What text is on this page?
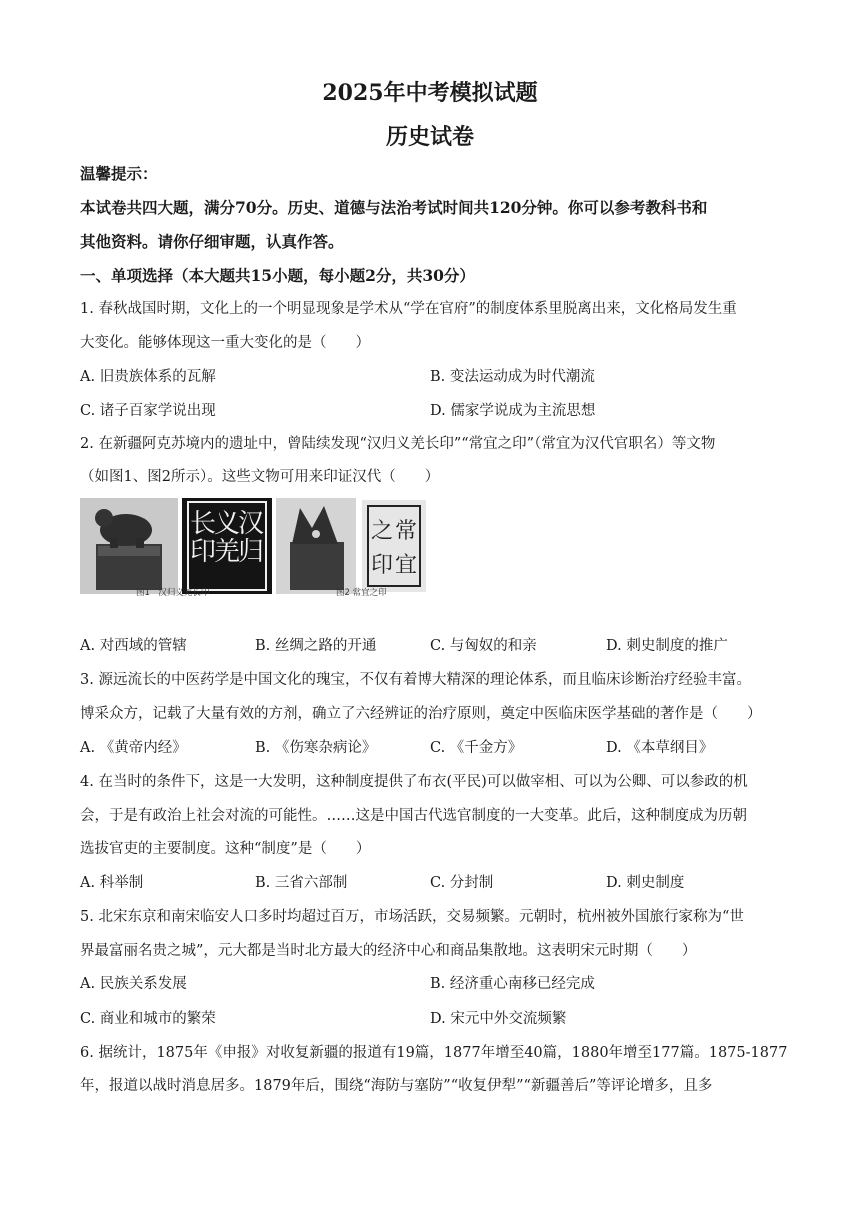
2025年中考模拟试题
历史试卷
温馨提示：
本试卷共四大题，满分70分。历史、道德与法治考试时间共120分钟。你可以参考教科书和
其他资料。请你仔细审题，认真作答。
一、单项选择（本大题共15小题，每小题2分，共30分）
1. 春秋战国时期，文化上的一个明显现象是学术从“学在官府”的制度体系里脱离出来，文化格局发生重
大变化。能够体现这一重大变化的是（　　）
A. 旧贵族体系的瓦解	B. 变法运动成为时代潮流
C. 诸子百家学说出现	D. 儒家学说成为主流思想
2. 在新疆阿克苏境内的遗址中，曾陆续发现“汉归义羌长印”“常宜之印”（常宜为汉代官职名）等文物
（如图1、图2所示）。这些文物可用来印证汉代（　　）
汉
归
义
羌
长
印
常
宜
之
印
图1　汉归义羌长印	图2 常宜之印
A. 对西域的管辖	B. 丝绸之路的开通	C. 与匈奴的和亲	D. 刺史制度的推广
3. 源远流长的中医药学是中国文化的瑰宝，不仅有着博大精深的理论体系，而且临床诊断治疗经验丰富。
博采众方，记载了大量有效的方剂，确立了六经辨证的治疗原则，奠定中医临床医学基础的著作是（　　）
A. 《黄帝内经》	B. 《伤寒杂病论》	C. 《千金方》	D. 《本草纲目》
4. 在当时的条件下，这是一大发明，这种制度提供了布衣(平民)可以做宰相、可以为公卿、可以参政的机
会，于是有政治上社会对流的可能性。……这是中国古代选官制度的一大变革。此后，这种制度成为历朝
选拔官吏的主要制度。这种“制度”是（　　）
A. 科举制	B. 三省六部制	C. 分封制	D. 刺史制度
5. 北宋东京和南宋临安人口多时均超过百万，市场活跃，交易频繁。元朝时，杭州被外国旅行家称为“世
界最富丽名贵之城”，元大都是当时北方最大的经济中心和商品集散地。这表明宋元时期（　　）
A. 民族关系发展	B. 经济重心南移已经完成
C. 商业和城市的繁荣	D. 宋元中外交流频繁
6. 据统计，1875年《申报》对收复新疆的报道有19篇，1877年增至40篇，1880年增至177篇。1875-1877
年，报道以战时消息居多。1879年后，围绕“海防与塞防”“收复伊犁”“新疆善后”等评论增多，且多
